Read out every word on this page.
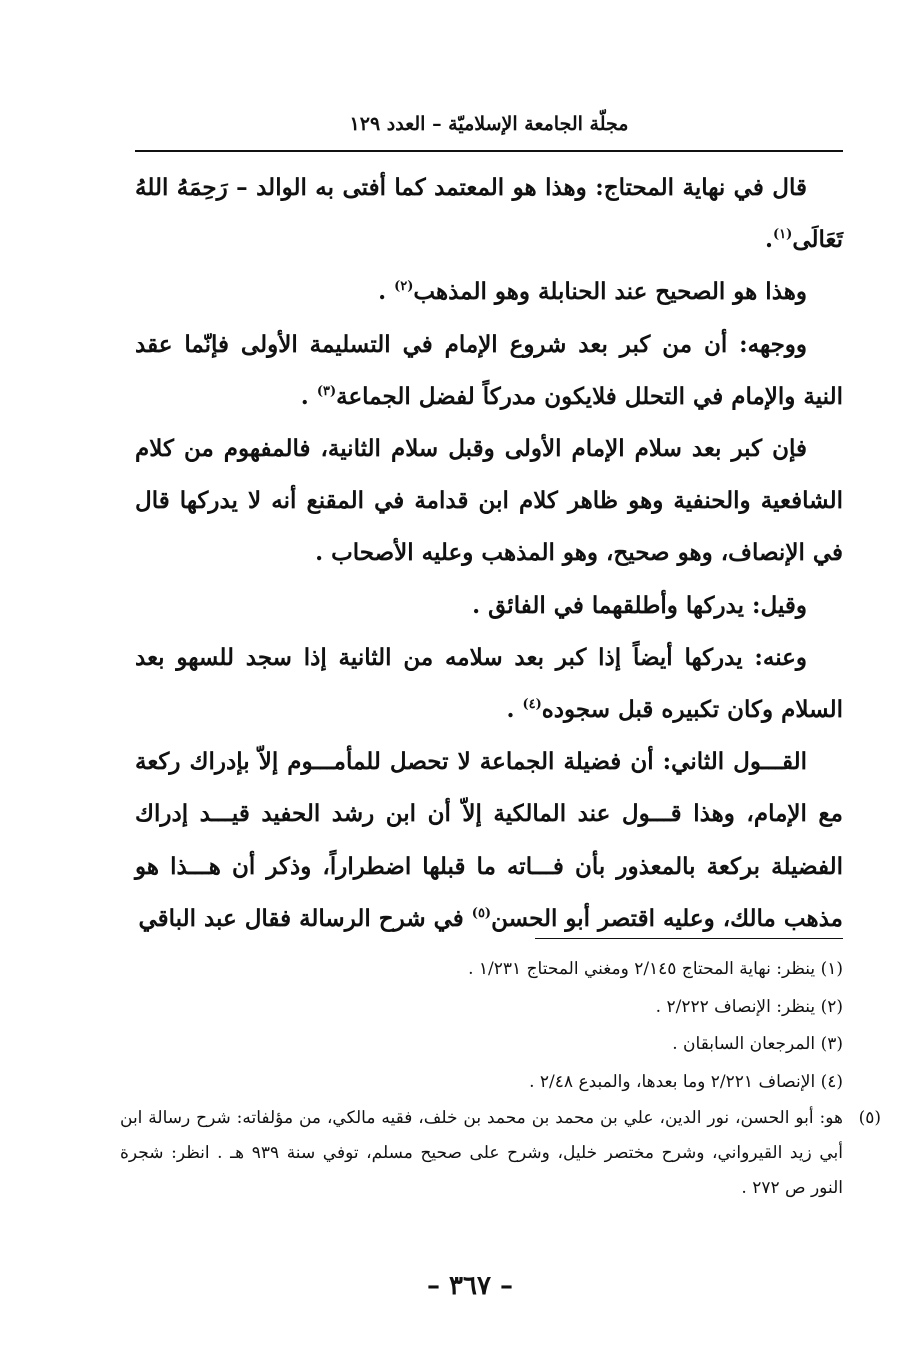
مجلّة الجامعة الإسلاميّة – العدد ١٢٩

قال في نهاية المحتاج: وهذا هو المعتمد كما أفتى به الوالد – رَحِمَهُ اللهُ تَعَالَى$^{(١)}$.

وهذا هو الصحيح عند الحنابلة وهو المذهب$^{(٢)}$ .

ووجهه: أن من كبر بعد شروع الإمام في التسليمة الأولى فإنّما عقد النية والإمام في التحلل فلايكون مدركاً لفضل الجماعة$^{(٣)}$ .

فإن كبر بعد سلام الإمام الأولى وقبل سلام الثانية، فالمفهوم من كلام الشافعية والحنفية وهو ظاهر كلام ابن قدامة في المقنع أنه لا يدركها قال في الإنصاف، وهو صحيح، وهو المذهب وعليه الأصحاب .

وقيل: يدركها وأطلقهما في الفائق .

وعنه: يدركها أيضاً إذا كبر بعد سلامه من الثانية إذا سجد للسهو بعد السلام وكان تكبيره قبل سجوده$^{(٤)}$ .

القـــول الثاني: أن فضيلة الجماعة لا تحصل للمأمـــوم إلاّ بإدراك ركعة مع الإمام، وهذا قـــول عند المالكية إلاّ أن ابن رشد الحفيد قيـــد إدراك الفضيلة بركعة بالمعذور بأن فـــاته ما قبلها اضطراراً، وذكر أن هـــذا هو مذهب مالك، وعليه اقتصر أبو الحسن$^{(٥)}$ في شرح الرسالة فقال عبد الباقي

(١) ينظر: نهاية المحتاج ٢/١٤٥ ومغني المحتاج ١/٢٣١ .

(٢) ينظر: الإنصاف ٢/٢٢٢ .

(٣) المرجعان السابقان .

(٤) الإنصاف ٢/٢٢١ وما بعدها، والمبدع ٢/٤٨ .

(٥)هو: أبو الحسن، نور الدين، علي بن محمد بن محمد بن خلف، فقيه مالكي، من مؤلفاته: شرح رسالة ابن أبي زيد القيرواني، وشرح مختصر خليل، وشرح على صحيح مسلم، توفي سنة ٩٣٩ هـ . انظر: شجرة النور ص ٢٧٢ .

– ٣٦٧ –
